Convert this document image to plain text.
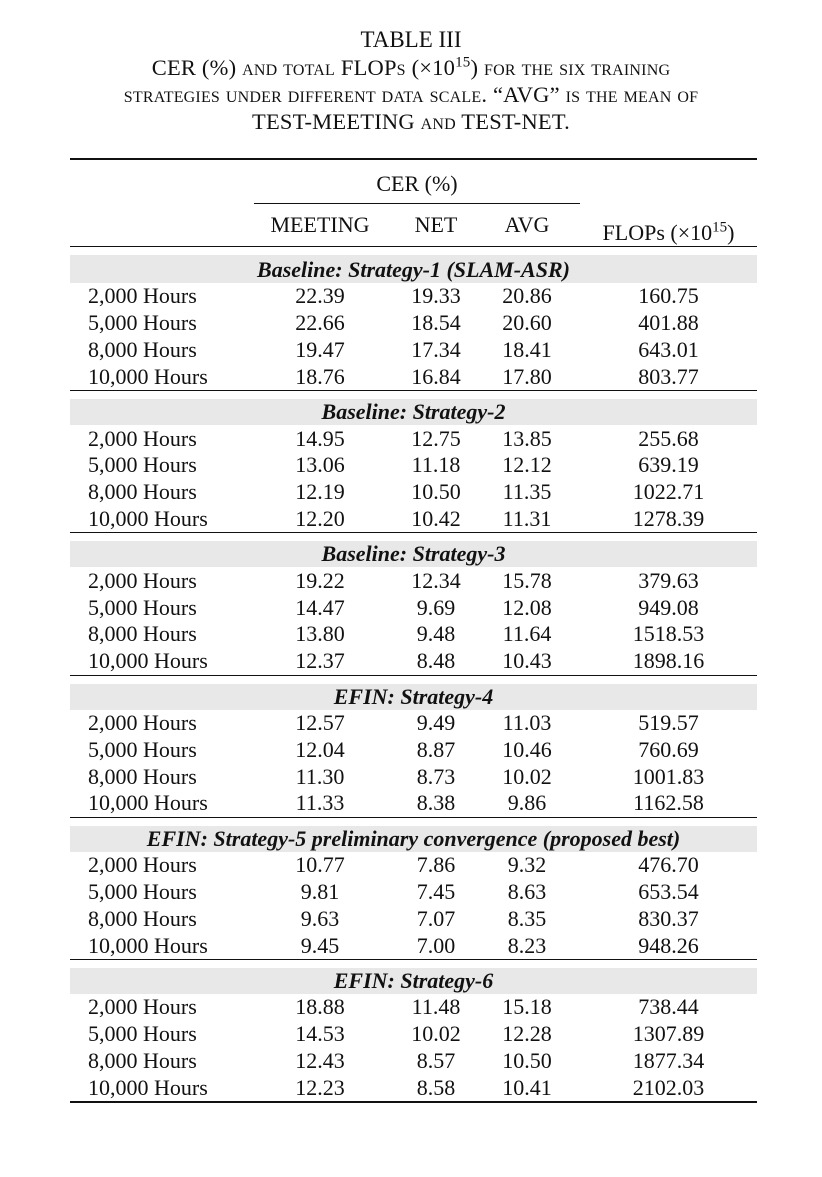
TABLE III
CER (%) and total FLOPs $(\times 10^{15})$ for the six training
strategies under different data scale. “AVG” is the mean of
TEST-MEETING and TEST-NET.

	CER (%)			FLOPs $(\times 10^{15})$
	MEETING	NET	AVG	

Baseline: Strategy-1 (SLAM-ASR)				
2,000 Hours	22.39	19.33	20.86	160.75
5,000 Hours	22.66	18.54	20.60	401.88
8,000 Hours	19.47	17.34	18.41	643.01
10,000 Hours	18.76	16.84	17.80	803.77

Baseline: Strategy-2				
2,000 Hours	14.95	12.75	13.85	255.68
5,000 Hours	13.06	11.18	12.12	639.19
8,000 Hours	12.19	10.50	11.35	1022.71
10,000 Hours	12.20	10.42	11.31	1278.39

Baseline: Strategy-3				
2,000 Hours	19.22	12.34	15.78	379.63
5,000 Hours	14.47	9.69	12.08	949.08
8,000 Hours	13.80	9.48	11.64	1518.53
10,000 Hours	12.37	8.48	10.43	1898.16

EFIN: Strategy-4				
2,000 Hours	12.57	9.49	11.03	519.57
5,000 Hours	12.04	8.87	10.46	760.69
8,000 Hours	11.30	8.73	10.02	1001.83
10,000 Hours	11.33	8.38	9.86	1162.58

EFIN: Strategy-5 preliminary convergence (proposed best)				
2,000 Hours	10.77	7.86	9.32	476.70
5,000 Hours	9.81	7.45	8.63	653.54
8,000 Hours	9.63	7.07	8.35	830.37
10,000 Hours	9.45	7.00	8.23	948.26

EFIN: Strategy-6				
2,000 Hours	18.88	11.48	15.18	738.44
5,000 Hours	14.53	10.02	12.28	1307.89
8,000 Hours	12.43	8.57	10.50	1877.34
10,000 Hours	12.23	8.58	10.41	2102.03
